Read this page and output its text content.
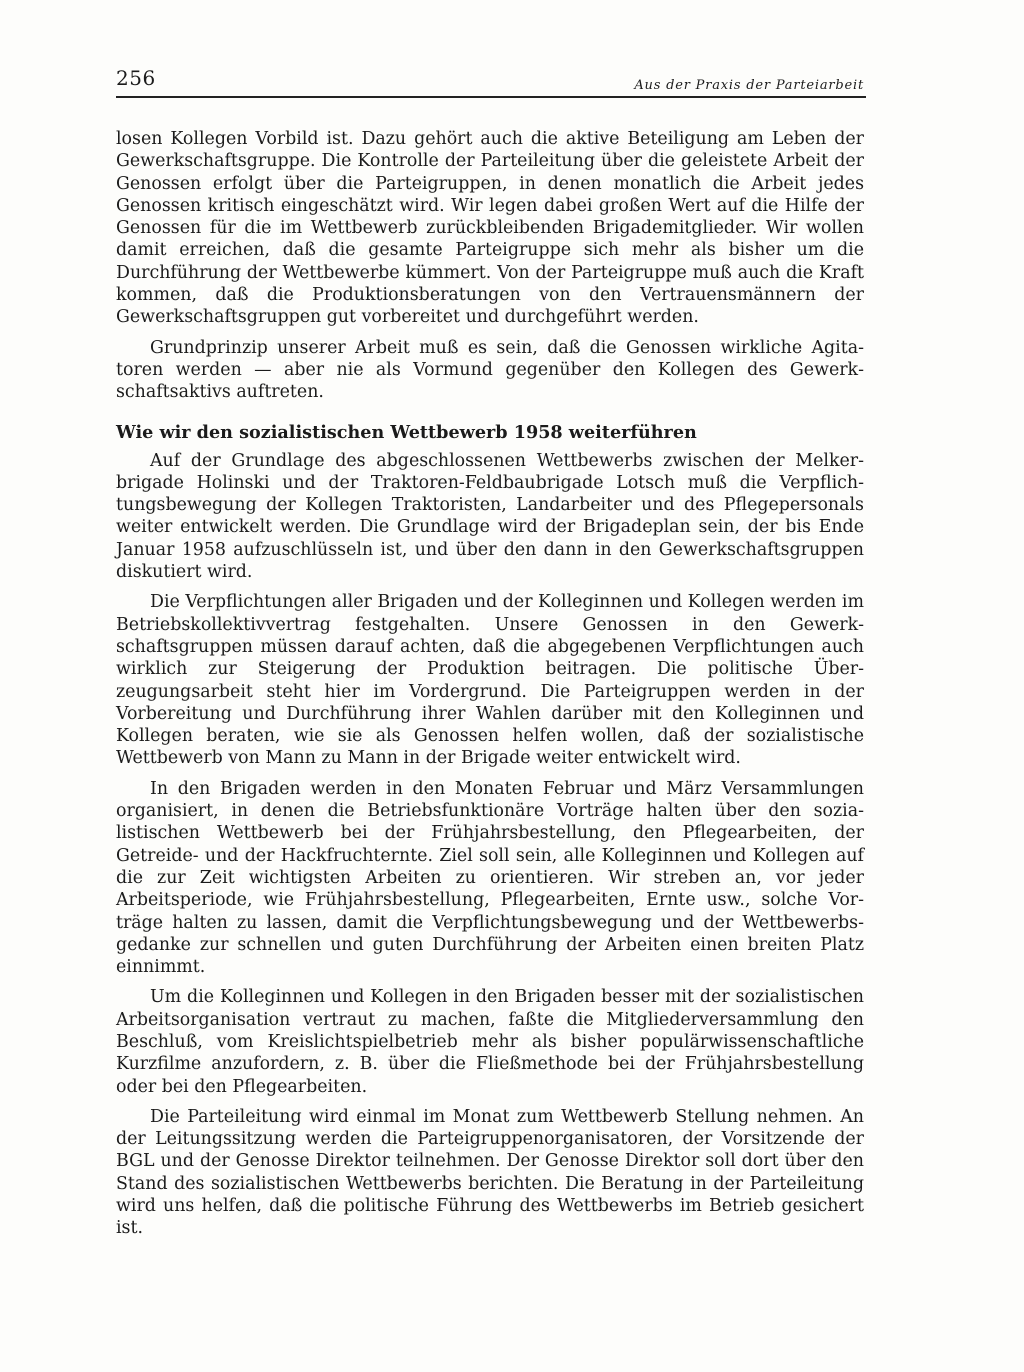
256	Aus der Praxis der Parteiarbeit

losen Kollegen Vorbild ist. Dazu gehört auch die aktive Beteiligung am Leben der Gewerkschaftsgruppe. Die Kontrolle der Parteileitung über die geleistete Arbeit der Genossen erfolgt über die Parteigruppen, in denen monatlich die Arbeit jedes Genossen kritisch eingeschätzt wird. Wir legen dabei großen Wert auf die Hilfe der Genossen für die im Wettbewerb zurückbleibenden Brigademitglieder. Wir wollen damit erreichen, daß die gesamte Parteigruppe sich mehr als bisher um die Durchführung der Wettbewerbe kümmert. Von der Parteigruppe muß auch die Kraft kommen, daß die Produktionsberatungen von den Vertrauensmännern der Gewerkschaftsgruppen gut vorbereitet und durchgeführt werden.

Grundprinzip unserer Arbeit muß es sein, daß die Genossen wirkliche Agitatoren werden — aber nie als Vormund gegenüber den Kollegen des Gewerkschaftsaktivs auftreten.

Wie wir den sozialistischen Wettbewerb 1958 weiterführen

Auf der Grundlage des abgeschlossenen Wettbewerbs zwischen der Melkerbrigade Holinski und der Traktoren-Feldbaubrigade Lotsch muß die Verpflichtungsbewegung der Kollegen Traktoristen, Landarbeiter und des Pflegepersonals weiter entwickelt werden. Die Grundlage wird der Brigadeplan sein, der bis Ende Januar 1958 aufzuschlüsseln ist, und über den dann in den Gewerkschaftsgruppen diskutiert wird.

Die Verpflichtungen aller Brigaden und der Kolleginnen und Kollegen werden im Betriebskollektivvertrag festgehalten. Unsere Genossen in den Gewerkschaftsgruppen müssen darauf achten, daß die abgegebenen Verpflichtungen auch wirklich zur Steigerung der Produktion beitragen. Die politische Überzeugungsarbeit steht hier im Vordergrund. Die Parteigruppen werden in der Vorbereitung und Durchführung ihrer Wahlen darüber mit den Kolleginnen und Kollegen beraten, wie sie als Genossen helfen wollen, daß der sozialistische Wettbewerb von Mann zu Mann in der Brigade weiter entwickelt wird.

In den Brigaden werden in den Monaten Februar und März Versammlungen organisiert, in denen die Betriebsfunktionäre Vorträge halten über den sozialistischen Wettbewerb bei der Frühjahrsbestellung, den Pflegearbeiten, der Getreide- und der Hackfruchternte. Ziel soll sein, alle Kolleginnen und Kollegen auf die zur Zeit wichtigsten Arbeiten zu orientieren. Wir streben an, vor jeder Arbeitsperiode, wie Frühjahrsbestellung, Pflegearbeiten, Ernte usw., solche Vorträge halten zu lassen, damit die Verpflichtungsbewegung und der Wettbewerbsgedanke zur schnellen und guten Durchführung der Arbeiten einen breiten Platz einnimmt.

Um die Kolleginnen und Kollegen in den Brigaden besser mit der sozialistischen Arbeitsorganisation vertraut zu machen, faßte die Mitgliederversammlung den Beschluß, vom Kreislichtspielbetrieb mehr als bisher populärwissenschaftliche Kurzfilme anzufordern, z. B. über die Fließmethode bei der Frühjahrsbestellung oder bei den Pflegearbeiten.

Die Parteileitung wird einmal im Monat zum Wettbewerb Stellung nehmen. An der Leitungssitzung werden die Parteigruppenorganisatoren, der Vorsitzende der BGL und der Genosse Direktor teilnehmen. Der Genosse Direktor soll dort über den Stand des sozialistischen Wettbewerbs berichten. Die Beratung in der Parteileitung wird uns helfen, daß die politische Führung des Wettbewerbs im Betrieb gesichert ist.
